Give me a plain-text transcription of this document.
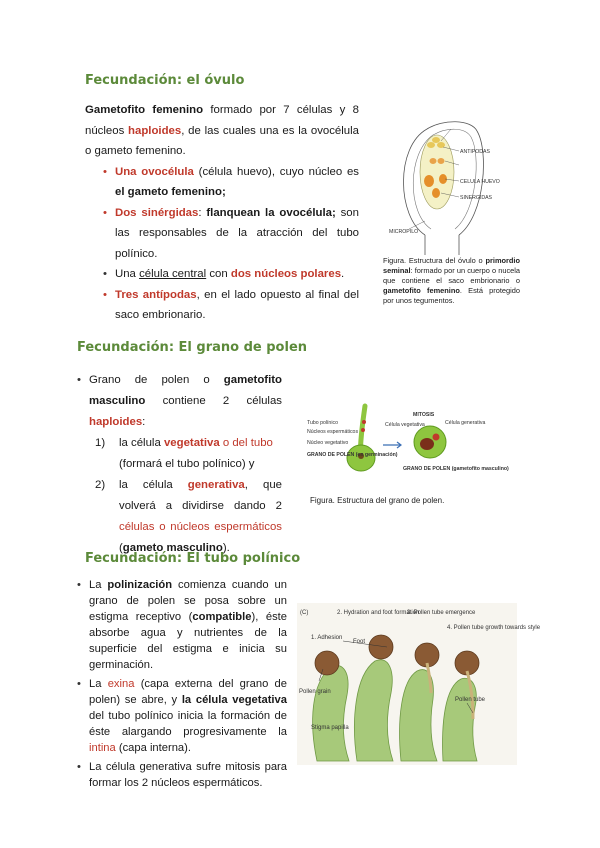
Fecundación: el óvulo
Gametofito femenino formado por 7 células y 8 núcleos haploides, de las cuales una es la ovocélula o gameto femenino.
• Una ovocélula (célula huevo), cuyo núcleo es el gameto femenino;
• Dos sinérgidas: flanquean la ovocélula; son las responsables de la atracción del tubo polínico.
• Una célula central con dos núcleos polares.
• Tres antípodas, en el lado opuesto al final del saco embrionario.
ANTIPODAS
CELULA HUEVO
SINERGIDAS
MICROPILO
Figura. Estructura del óvulo o primordio seminal: formado por un cuerpo o nucela que contiene el saco embrionario o gametofito femenino. Está protegido por unos tegumentos.
Fecundación: El grano de polen
• Grano de polen o gametofito masculino contiene 2 células haploides:
1) la célula vegetativa o del tubo (formará el tubo polínico) y
2) la célula generativa, que volverá a dividirse dando 2 células o núcleos espermáticos (gameto masculino).
Tubo polínico
Núcleos espermáticos
Núcleo vegetativo
GRANO DE POLEN (en germinación)
MITOSIS
Célula vegetativa	Célula generativa
GRANO DE POLEN (gametofito masculino)
Figura. Estructura del grano de polen.
Fecundación: El tubo polínico
• La polinización comienza cuando un grano de polen se posa sobre un estigma receptivo (compatible), éste absorbe agua y nutrientes de la superficie del estigma e inicia su germinación.
• La exina (capa externa del grano de polen) se abre, y la célula vegetativa del tubo polínico inicia la formación de éste alargando progresivamente la intina (capa interna).
• La célula generativa sufre mitosis para formar los 2 núcleos espermáticos.
(C)
1. Adhesion
2. Hydration and foot formation
3. Pollen tube emergence
4. Pollen tube growth towards style
Foot
Pollen grain
Stigma papilla
Pollen tube
